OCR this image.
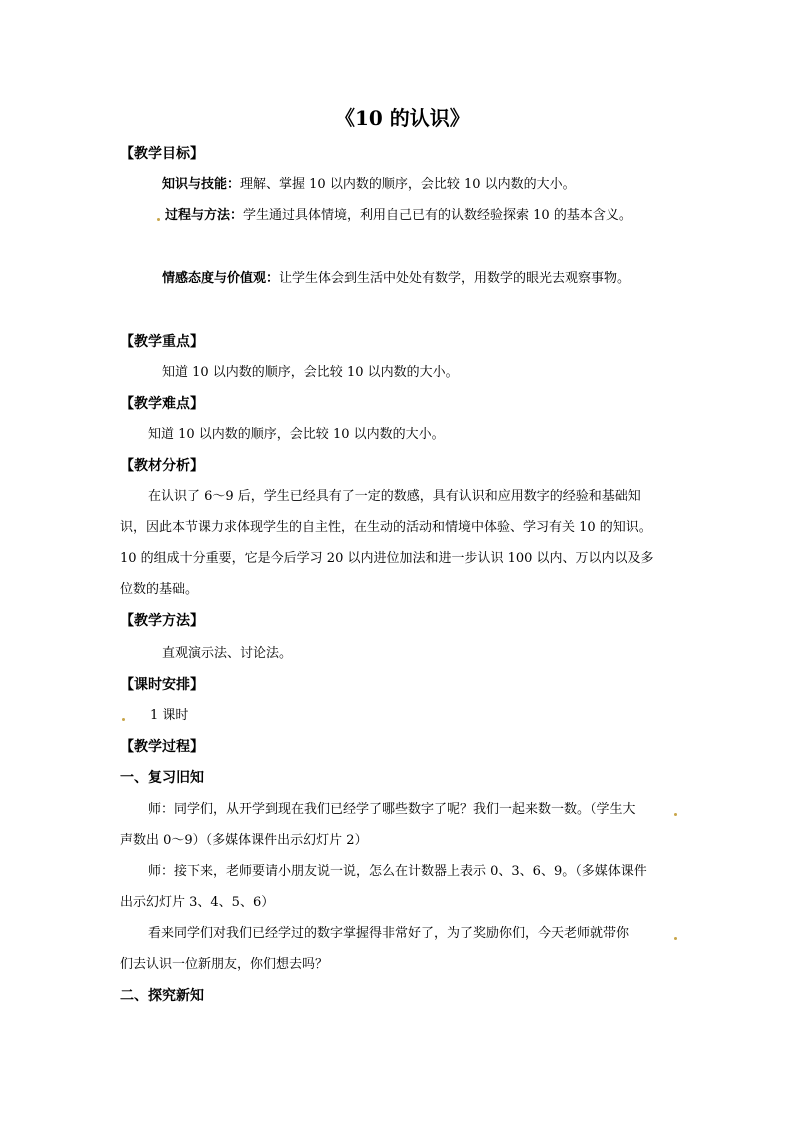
《10 的认识》
【教学目标】
知识与技能：理解、掌握 10 以内数的顺序，会比较 10 以内数的大小。
过程与方法：学生通过具体情境，利用自己已有的认数经验探索 10 的基本含义。
情感态度与价值观：让学生体会到生活中处处有数学，用数学的眼光去观察事物。
【教学重点】
知道 10 以内数的顺序，会比较 10 以内数的大小。
【教学难点】
知道 10 以内数的顺序，会比较 10 以内数的大小。
【教材分析】
在认识了 6～9 后，学生已经具有了一定的数感，具有认识和应用数字的经验和基础知
识，因此本节课力求体现学生的自主性，在生动的活动和情境中体验、学习有关 10 的知识。
10 的组成十分重要，它是今后学习 20 以内进位加法和进一步认识 100 以内、万以内以及多
位数的基础。
【教学方法】
直观演示法、讨论法。
【课时安排】
1 课时
【教学过程】
一、复习旧知
师：同学们，从开学到现在我们已经学了哪些数字了呢？我们一起来数一数。（学生大
声数出 0～9）（多媒体课件出示幻灯片 2）
师：接下来，老师要请小朋友说一说，怎么在计数器上表示 0、3、6、9。（多媒体课件
出示幻灯片 3、4、5、6）
看来同学们对我们已经学过的数字掌握得非常好了，为了奖励你们，今天老师就带你
们去认识一位新朋友，你们想去吗？
二、探究新知
